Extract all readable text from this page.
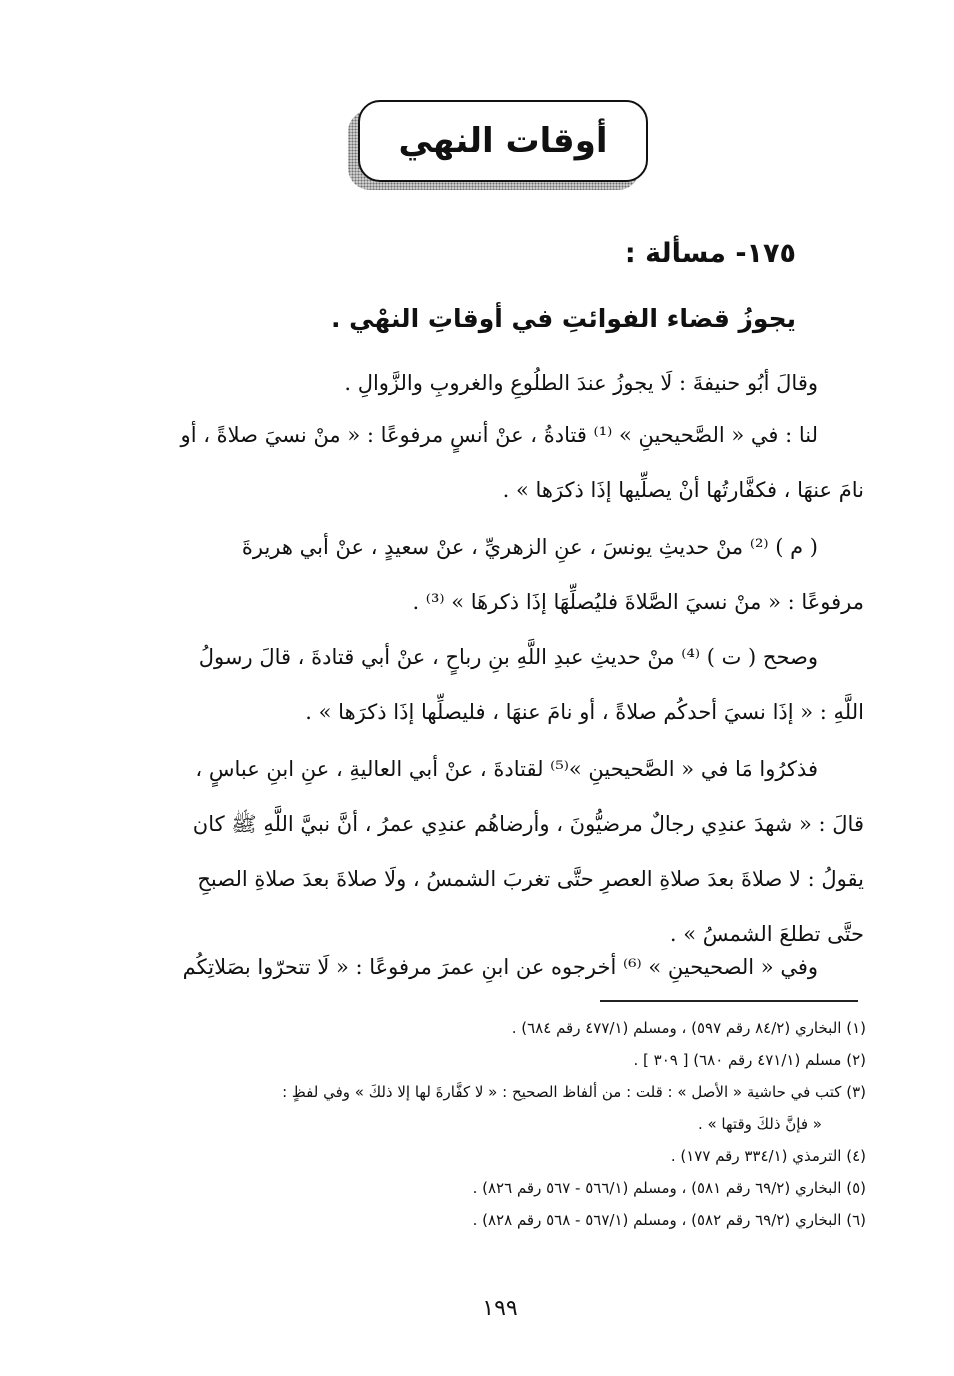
أوقات النهي
١٧٥- مسألة :
يجوزُ قضاء الفوائتِ في أوقاتِ النهْي .
وقالَ أبُو حنيفةَ : لَا يجوزُ عندَ الطلُوعِ والغروبِ والزَّوالِ .
لنا : في « الصَّحيحينِ » ⁽¹⁾ قتادةُ ، عنْ أنسٍ مرفوعًا : « منْ نسيَ صلاةً ، أو
نامَ عنهَا ، فكفَّارتُها أنْ يصلِّيها إذَا ذكرَها » .
( م ) ⁽²⁾ منْ حديثِ يونسَ ، عنِ الزهريِّ ، عنْ سعيدٍ ، عنْ أبي هريرةَ
مرفوعًا : « منْ نسيَ الصَّلاةَ فليُصلِّهَا إذَا ذكرهَا » ⁽³⁾ .
وصحح ( ت ) ⁽⁴⁾ منْ حديثِ عبدِ اللَّهِ بنِ رباحٍ ، عنْ أبي قتادةَ ، قالَ رسولُ
اللَّهِ : « إذَا نسيَ أحدكُم صلاةً ، أو نامَ عنهَا ، فليصلِّها إذَا ذكرَها » .
فذكرُوا مَا في « الصَّحيحينِ »⁽⁵⁾ لقتادةَ ، عنْ أبي العاليةِ ، عنِ ابنِ عباسٍ ،
قالَ : « شهدَ عندِي رجالٌ مرضيُّونَ ، وأرضاهُم عندِي عمرُ ، أنَّ نبيَّ اللَّهِ ﷺ كان
يقولُ : لا صلاةَ بعدَ صلاةِ العصرِ حتَّى تغربَ الشمسُ ، ولَا صلاةَ بعدَ صلاةِ الصبحِ
حتَّى تطلعَ الشمسُ » .
وفي « الصحيحينِ » ⁽⁶⁾ أخرجوه عن ابنِ عمرَ مرفوعًا : « لَا تتحرّوا بصَلاتِكُم
(١) البخاري (٨٤/٢ رقم ٥٩٧) ، ومسلم (٤٧٧/١ رقم ٦٨٤) .
(٢) مسلم (٤٧١/١ رقم ٦٨٠) [ ٣٠٩ ] .
(٣) كتب في حاشية « الأصل » : قلت : من ألفاظ الصحيح : « لا كفَّارةَ لها إلا ذلكَ » وفي لفظٍ :
« فإنَّ ذلكَ وقتها » .
(٤) الترمذي (٣٣٤/١ رقم ١٧٧) .
(٥) البخاري (٦٩/٢ رقم ٥٨١) ، ومسلم (٥٦٦/١ - ٥٦٧ رقم ٨٢٦) .
(٦) البخاري (٦٩/٢ رقم ٥٨٢) ، ومسلم (٥٦٧/١ - ٥٦٨ رقم ٨٢٨) .
١٩٩
